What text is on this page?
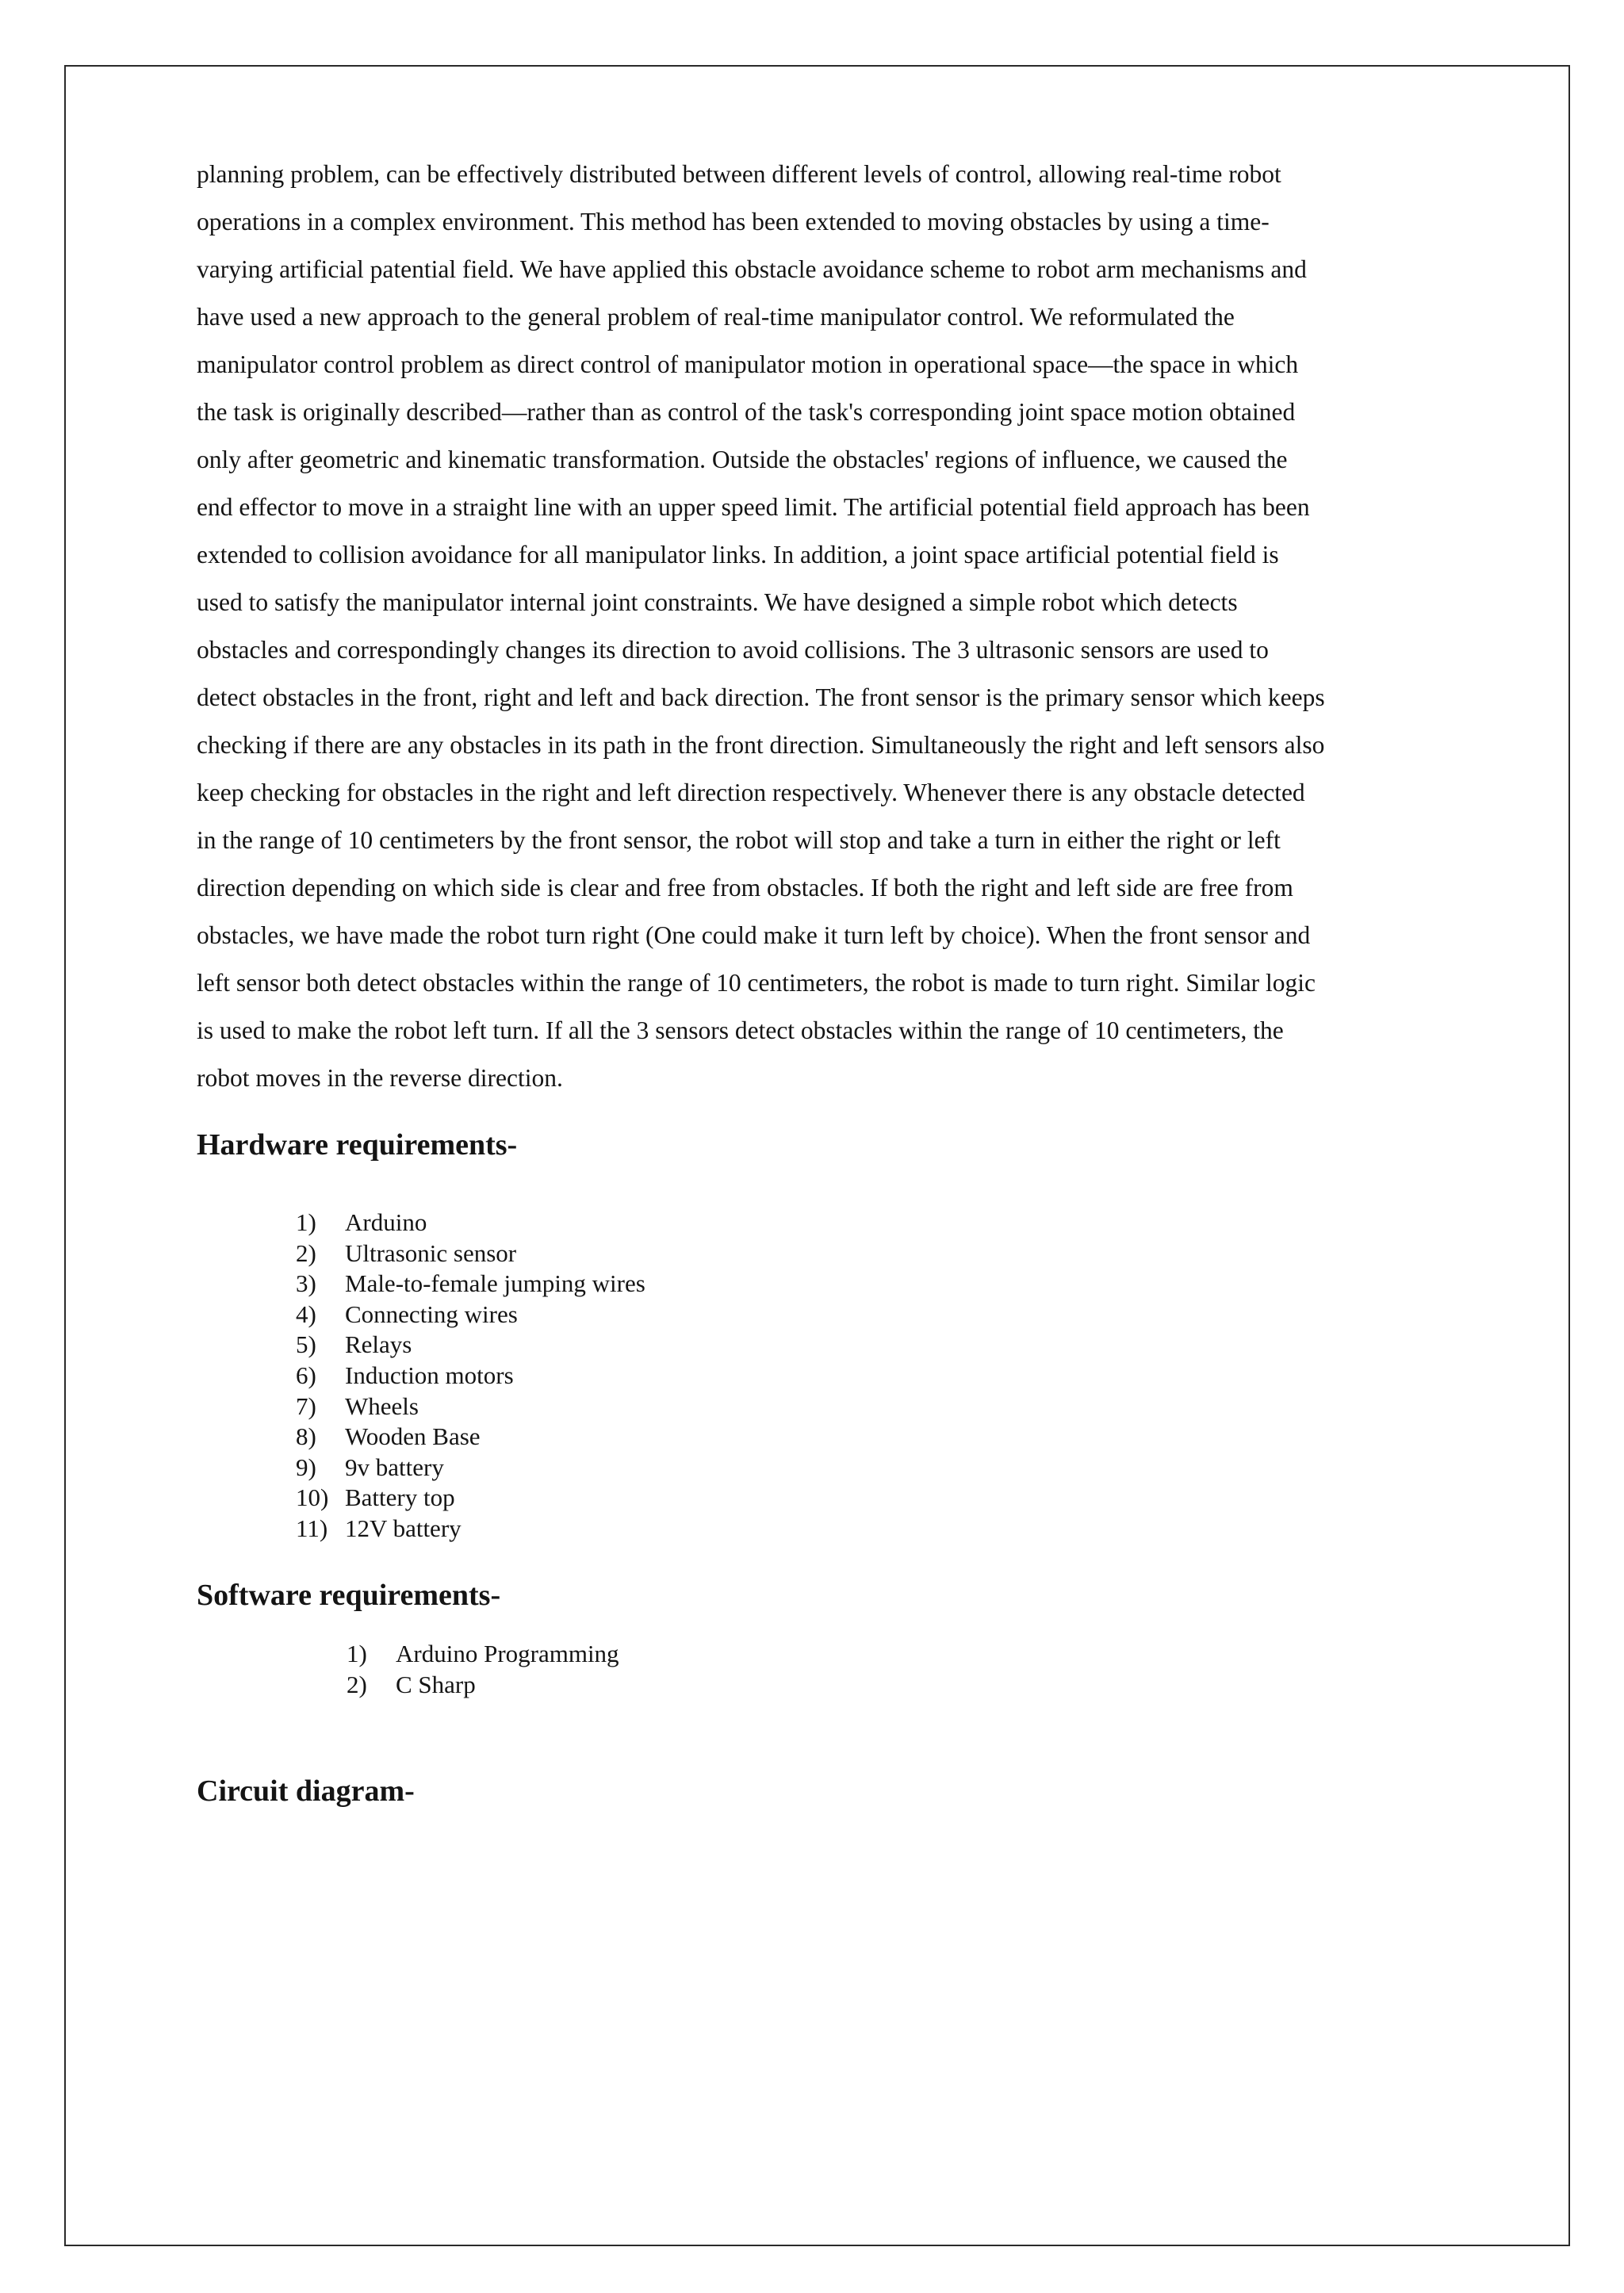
planning problem, can be effectively distributed between different levels of control, allowing real-time robot
operations in a complex environment. This method has been extended to moving obstacles by using a time-
varying artificial patential field. We have applied this obstacle avoidance scheme to robot arm mechanisms and
have used a new approach to the general problem of real-time manipulator control. We reformulated the
manipulator control problem as direct control of manipulator motion in operational space—the space in which
the task is originally described—rather than as control of the task's corresponding joint space motion obtained
only after geometric and kinematic transformation. Outside the obstacles' regions of influence, we caused the
end effector to move in a straight line with an upper speed limit. The artificial potential field approach has been
extended to collision avoidance for all manipulator links. In addition, a joint space artificial potential field is
used to satisfy the manipulator internal joint constraints. We have designed a simple robot which detects
obstacles and correspondingly changes its direction to avoid collisions. The 3 ultrasonic sensors are used to
detect obstacles in the front, right and left and back direction. The front sensor is the primary sensor which keeps
checking if there are any obstacles in its path in the front direction. Simultaneously the right and left sensors also
keep checking for obstacles in the right and left direction respectively. Whenever there is any obstacle detected
in the range of 10 centimeters by the front sensor, the robot will stop and take a turn in either the right or left
direction depending on which side is clear and free from obstacles. If both the right and left side are free from
obstacles, we have made the robot turn right (One could make it turn left by choice). When the front sensor and
left sensor both detect obstacles within the range of 10 centimeters, the robot is made to turn right. Similar logic
is used to make the robot left turn. If all the 3 sensors detect obstacles within the range of 10 centimeters, the
robot moves in the reverse direction.
Hardware requirements-
1) Arduino
2) Ultrasonic sensor
3) Male-to-female jumping wires
4) Connecting wires
5) Relays
6) Induction motors
7) Wheels
8) Wooden Base
9) 9v battery
10) Battery top
11) 12V battery
Software requirements-
1) Arduino Programming
2) C Sharp
Circuit diagram-
